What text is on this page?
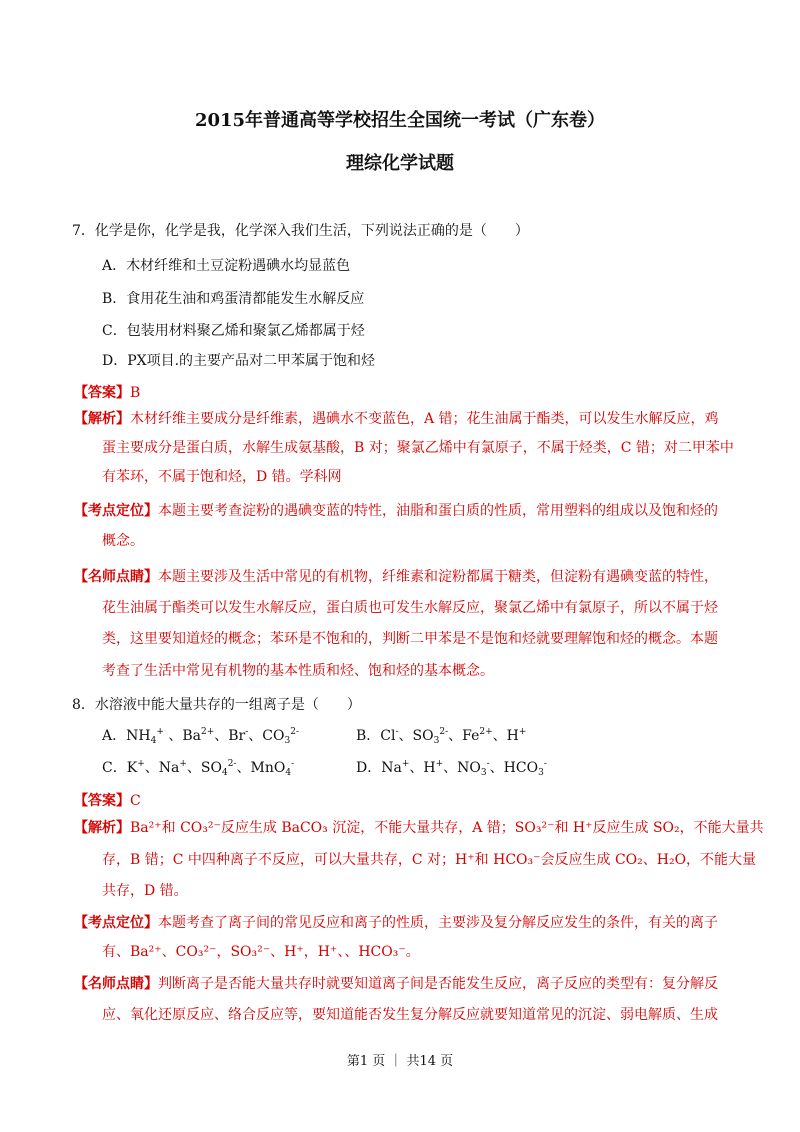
2015年普通高等学校招生全国统一考试（广东卷）
理综化学试题
7．化学是你，化学是我，化学深入我们生活，下列说法正确的是（　　）
A．木材纤维和土豆淀粉遇碘水均显蓝色
B．食用花生油和鸡蛋清都能发生水解反应
C．包装用材料聚乙烯和聚氯乙烯都属于烃
D．PX项目.的主要产品对二甲苯属于饱和烃
【答案】B
【解析】木材纤维主要成分是纤维素，遇碘水不变蓝色，A 错；花生油属于酯类，可以发生水解反应，鸡
蛋主要成分是蛋白质，水解生成氨基酸，B 对；聚氯乙烯中有氯原子，不属于烃类，C 错；对二甲苯中
有苯环，不属于饱和烃，D 错。学科网
【考点定位】本题主要考查淀粉的遇碘变蓝的特性，油脂和蛋白质的性质，常用塑料的组成以及饱和烃的
概念。
【名师点睛】本题主要涉及生活中常见的有机物，纤维素和淀粉都属于糖类，但淀粉有遇碘变蓝的特性，
花生油属于酯类可以发生水解反应，蛋白质也可发生水解反应，聚氯乙烯中有氯原子，所以不属于烃
类，这里要知道烃的概念；苯环是不饱和的，判断二甲苯是不是饱和烃就要理解饱和烃的概念。本题
考查了生活中常见有机物的基本性质和烃、饱和烃的基本概念。
8．水溶液中能大量共存的一组离子是（　　）
A．$NH_4^+$ 、$Ba^{2+}$、Br-、$CO_3^{2-}$	B．Cl-、$SO_3^{2-}$、$Fe^{2+}$、H+
C．K+、Na+、$SO_4^{2-}$、MnO$_4$-	D．Na+、H+、$NO_3^-$、$HCO_3^-$
【答案】C
【解析】Ba²⁺和 CO₃²⁻反应生成 BaCO₃ 沉淀，不能大量共存，A 错；SO₃²⁻和 H⁺反应生成 SO₂，不能大量共
存，B 错；C 中四种离子不反应，可以大量共存，C 对；H⁺和 HCO₃⁻会反应生成 CO₂、H₂O，不能大量
共存，D 错。
【考点定位】本题考查了离子间的常见反应和离子的性质，主要涉及复分解反应发生的条件，有关的离子
有、Ba²⁺、CO₃²⁻，SO₃²⁻、H⁺，H⁺、、HCO₃⁻。
【名师点睛】判断离子是否能大量共存时就要知道离子间是否能发生反应，离子反应的类型有：复分解反
应、氧化还原反应、络合反应等，要知道能否发生复分解反应就要知道常见的沉淀、弱电解质、生成
第1 页 ｜ 共14 页
